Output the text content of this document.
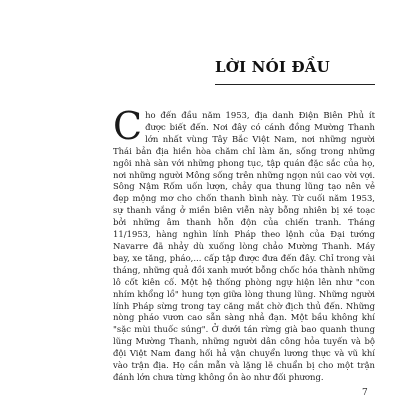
LỜI NÓI ĐẦU

Cho đến đầu năm 1953, địa danh Điện Biên Phủ ít được biết đến. Nơi đây có cánh đồng Mường Thanh lớn nhất vùng Tây Bắc Việt Nam, nơi những người Thái bản địa hiền hòa chăm chỉ làm ăn, sống trong những ngôi nhà sàn với những phong tục, tập quán đặc sắc của họ, nơi những người Mông sống trên những ngọn núi cao vời vợi. Sông Nậm Rốm uốn lượn, chảy qua thung lũng tạo nên vẻ đẹp mộng mơ cho chốn thanh bình này. Từ cuối năm 1953, sự thanh vắng ở miền biên viễn này bỗng nhiên bị xé toạc bởi những âm thanh hỗn độn của chiến tranh. Tháng 11/1953, hàng nghìn lính Pháp theo lệnh của Đại tướng Navarre đã nhảy dù xuống lòng chảo Mường Thanh. Máy bay, xe tăng, pháo,... cấp tập được đưa đến đây. Chỉ trong vài tháng, những quả đồi xanh mướt bỗng chốc hóa thành những lô cốt kiên cố. Một hệ thống phòng ngự hiện lên như "con nhím khổng lồ" hung tợn giữa lòng thung lũng. Những người lính Pháp sừng trong tay căng mắt chờ địch thủ đến. Những nòng pháo vươn cao sẵn sàng nhả đạn. Một bầu không khí "sặc mùi thuốc súng". Ở dưới tán rừng già bao quanh thung lũng Mường Thanh, những người dân công hỏa tuyến và bộ đội Việt Nam đang hối hả vận chuyển lương thực và vũ khí vào trận địa. Họ cần mẫn và lặng lẽ chuẩn bị cho một trận đánh lớn chưa từng không ồn ào như đối phương.

7
